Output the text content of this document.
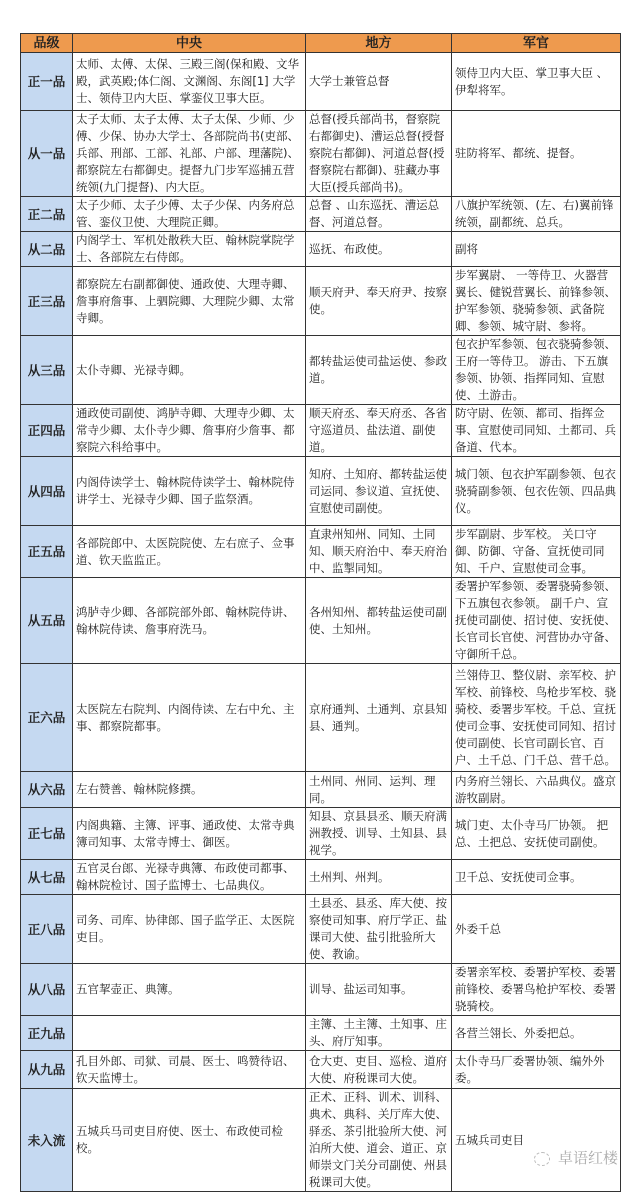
品级	中央	地方	军官
正一品	太师、太傅、太保、三殿三阁(保和殿、文华殿，武英殿;体仁阁、文渊阁、东阁[1] 大学士、领侍卫内大臣、掌銮仪卫事大臣。	大学士兼管总督	领侍卫内大臣、掌卫事大臣 、伊犁将军。
从一品	太子太师、太子太傅、太子太保、少师、少傅、少保、协办大学士、各部院尚书(吏部、兵部、刑部、工部、礼部、户部、理藩院)、都察院左右都御史。提督九门步军巡捕五营统领(九门提督)、内大臣。	总督(授兵部尚书，督察院右都御史)、漕运总督(授督察院右都御)、河道总督(授督察院右都御)、驻藏办事大臣(授兵部尚书)。	驻防将军、都统、提督。
正二品	太子少师、太子少傅、太子少保、内务府总管、銮仪卫使、大理院正卿。	总督 、山东巡抚、漕运总督、河道总督。	八旗护军统领、(左、右)翼前锋统领，副都统、总兵。
从二品	内阁学士、军机处散秩大臣、翰林院掌院学士、各部院左右侍郎。	巡抚、布政使。	副将
正三品	都察院左右副都御使、通政使、大理寺卿、詹事府詹事、上驷院卿、大理院少卿、太常寺卿。	顺天府尹、奉天府尹、按察使。	步军翼尉、 一等侍卫、火器营翼长、健锐营翼长、前锋参领、护军参领、骁骑参领、武备院卿、参领、城守尉、参将。
从三品	太仆寺卿、光禄寺卿。	都转盐运使司盐运使、参政道。	包衣护军参领、包衣骁骑参领、王府一等侍卫。 游击、下五旗参领、协领、指挥同知、宣慰使、土游击。
正四品	通政使司副使、鸿胪寺卿、大理寺少卿、太常寺少卿、太仆寺少卿、詹事府少詹事、都察院六科给事中。	顺天府丞、奉天府丞、各省守巡道员、盐法道、副使道。	防守尉、佐领、都司、指挥佥事、宣慰使司同知、土都司、兵备道、代本。
从四品	内阁侍读学士、翰林院侍读学士、翰林院侍讲学士、光禄寺少卿、国子监祭酒。	知府、土知府、都转盐运使司运同、参议道、宣抚使、宣慰使司副使。	城门领、包衣护军副参领、包衣骁骑副参领、包衣佐领、四品典仪。
正五品	各部院郎中、太医院院使、左右庶子、佥事道、钦天监监正。	直隶州知州、同知、土同知、顺天府治中、奉天府治中、监掣同知。	步军副尉、步军校。 关口守御、防御、守备、宣抚使司同知、千户、宣慰使司佥事。
从五品	鸿胪寺少卿、各部院部外郎、翰林院侍讲、翰林院侍读、詹事府洗马。	各州知州、都转盐运使司副使、土知州。	委署护军参领、委署骁骑参领、下五旗包衣参领。 副千户、宣抚使司副使、招讨使、安抚使、长官司长官使、河营协办守备、守御所千总。
正六品	太医院左右院判、内阁侍读、左右中允、主事、都察院都事。	京府通判、土通判、京县知县、通判。	兰翎侍卫、整仪尉、亲军校、护军校、前锋校、鸟枪步军校、骁骑校、委署步军校。千总、宣抚使司佥事、安抚使司同知、招讨使司副使、长官司副长官、百户、土千总、门千总、营千总。
从六品	左右赞善、翰林院修撰。	土州同、州同、运判、理同。	内务府兰翎长、六品典仪。盛京游牧副尉。
正七品	内阁典籍、主簿、评事、通政使、太常寺典簿司知事、太常寺博士、御医。	知县、京县县丞、顺天府满洲教授、训导、土知县、县视学。	城门吏、太仆寺马厂协领。 把总、土把总、安抚使司副使。
从七品	五官灵台郎、光禄寺典簿、布政使司都事、翰林院检讨、国子监博士、七品典仪。	土州判、州判。	卫千总、安抚使司佥事。
正八品	司务、司库、协律郎、国子监学正、太医院吏目。	土县丞、县丞、库大使、按察使司知事、府厅学正、盐课司大使、盐引批验所大使、教谕。	外委千总
从八品	五官挈壶正、典簿。	训导、盐运司知事。	委署亲军校、委署护军校、委署前锋校、委署鸟枪护军校、委署骁骑校。
正九品		主簿、土主簿、土知事、庄头、府厅知事。	各营兰翎长、外委把总。
从九品	孔目外郎、司狱、司晨、医士、鸣赞待诏、钦天监博士。	仓大吏、吏目、巡检、道府大使、府税课司大使。	太仆寺马厂委署协领、编外外委。
未入流	五城兵马司吏目府使、医士、布政使司检校。	正术、正科、训术、训科、典术、典科、关厅库大使、驿丞、茶引批验所大使、河泊所大使、道会、道正、京师崇文门关分司副使、州县税课司大使。	五城兵司吏目
卓语红楼
